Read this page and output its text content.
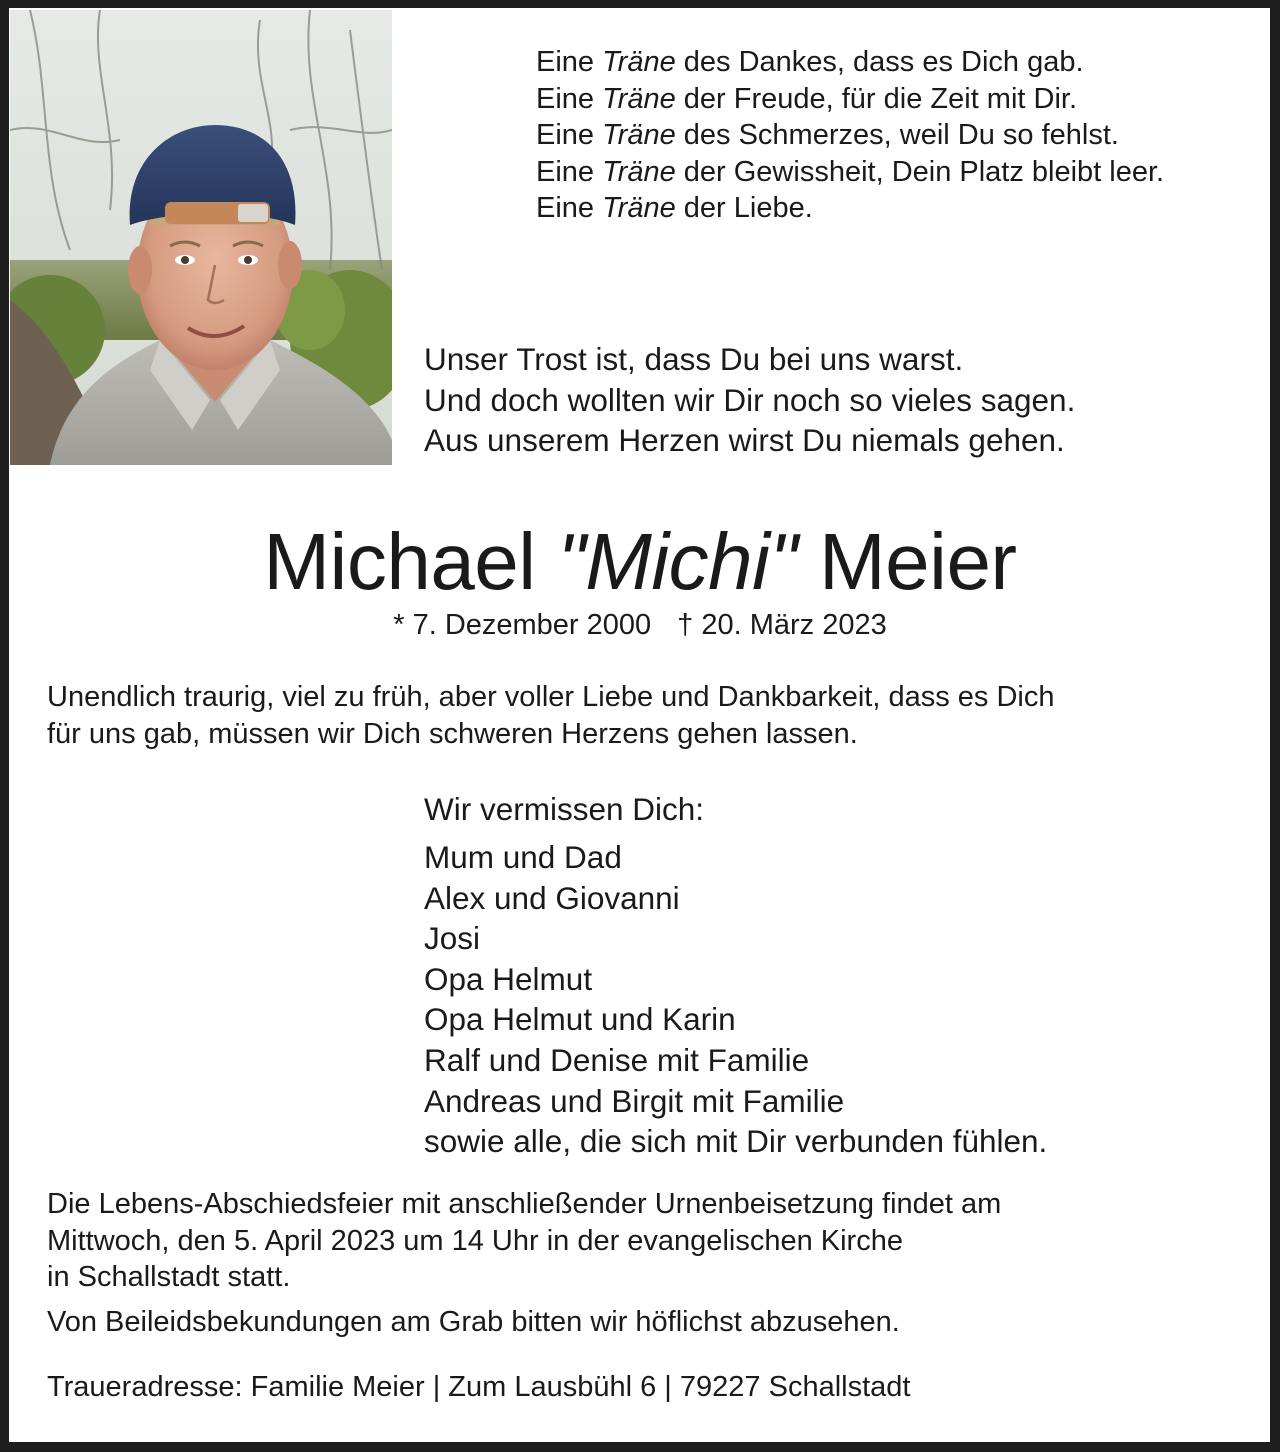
Eine Träne des Dankes, dass es Dich gab.
Eine Träne der Freude, für die Zeit mit Dir.
Eine Träne des Schmerzes, weil Du so fehlst.
Eine Träne der Gewissheit, Dein Platz bleibt leer.
Eine Träne der Liebe.
Unser Trost ist, dass Du bei uns warst.
Und doch wollten wir Dir noch so vieles sagen.
Aus unserem Herzen wirst Du niemals gehen.
Michael "Michi" Meier
* 7. Dezember 2000 † 20. März 2023
Unendlich traurig, viel zu früh, aber voller Liebe und Dankbarkeit, dass es Dich
für uns gab, müssen wir Dich schweren Herzens gehen lassen.
Wir vermissen Dich:
Mum und Dad
Alex und Giovanni
Josi
Opa Helmut
Opa Helmut und Karin
Ralf und Denise mit Familie
Andreas und Birgit mit Familie
sowie alle, die sich mit Dir verbunden fühlen.
Die Lebens-Abschiedsfeier mit anschließender Urnenbeisetzung findet am
Mittwoch, den 5. April 2023 um 14 Uhr in der evangelischen Kirche
in Schallstadt statt.
Von Beileidsbekundungen am Grab bitten wir höflichst abzusehen.
Traueradresse: Familie Meier | Zum Lausbühl 6 | 79227 Schallstadt
